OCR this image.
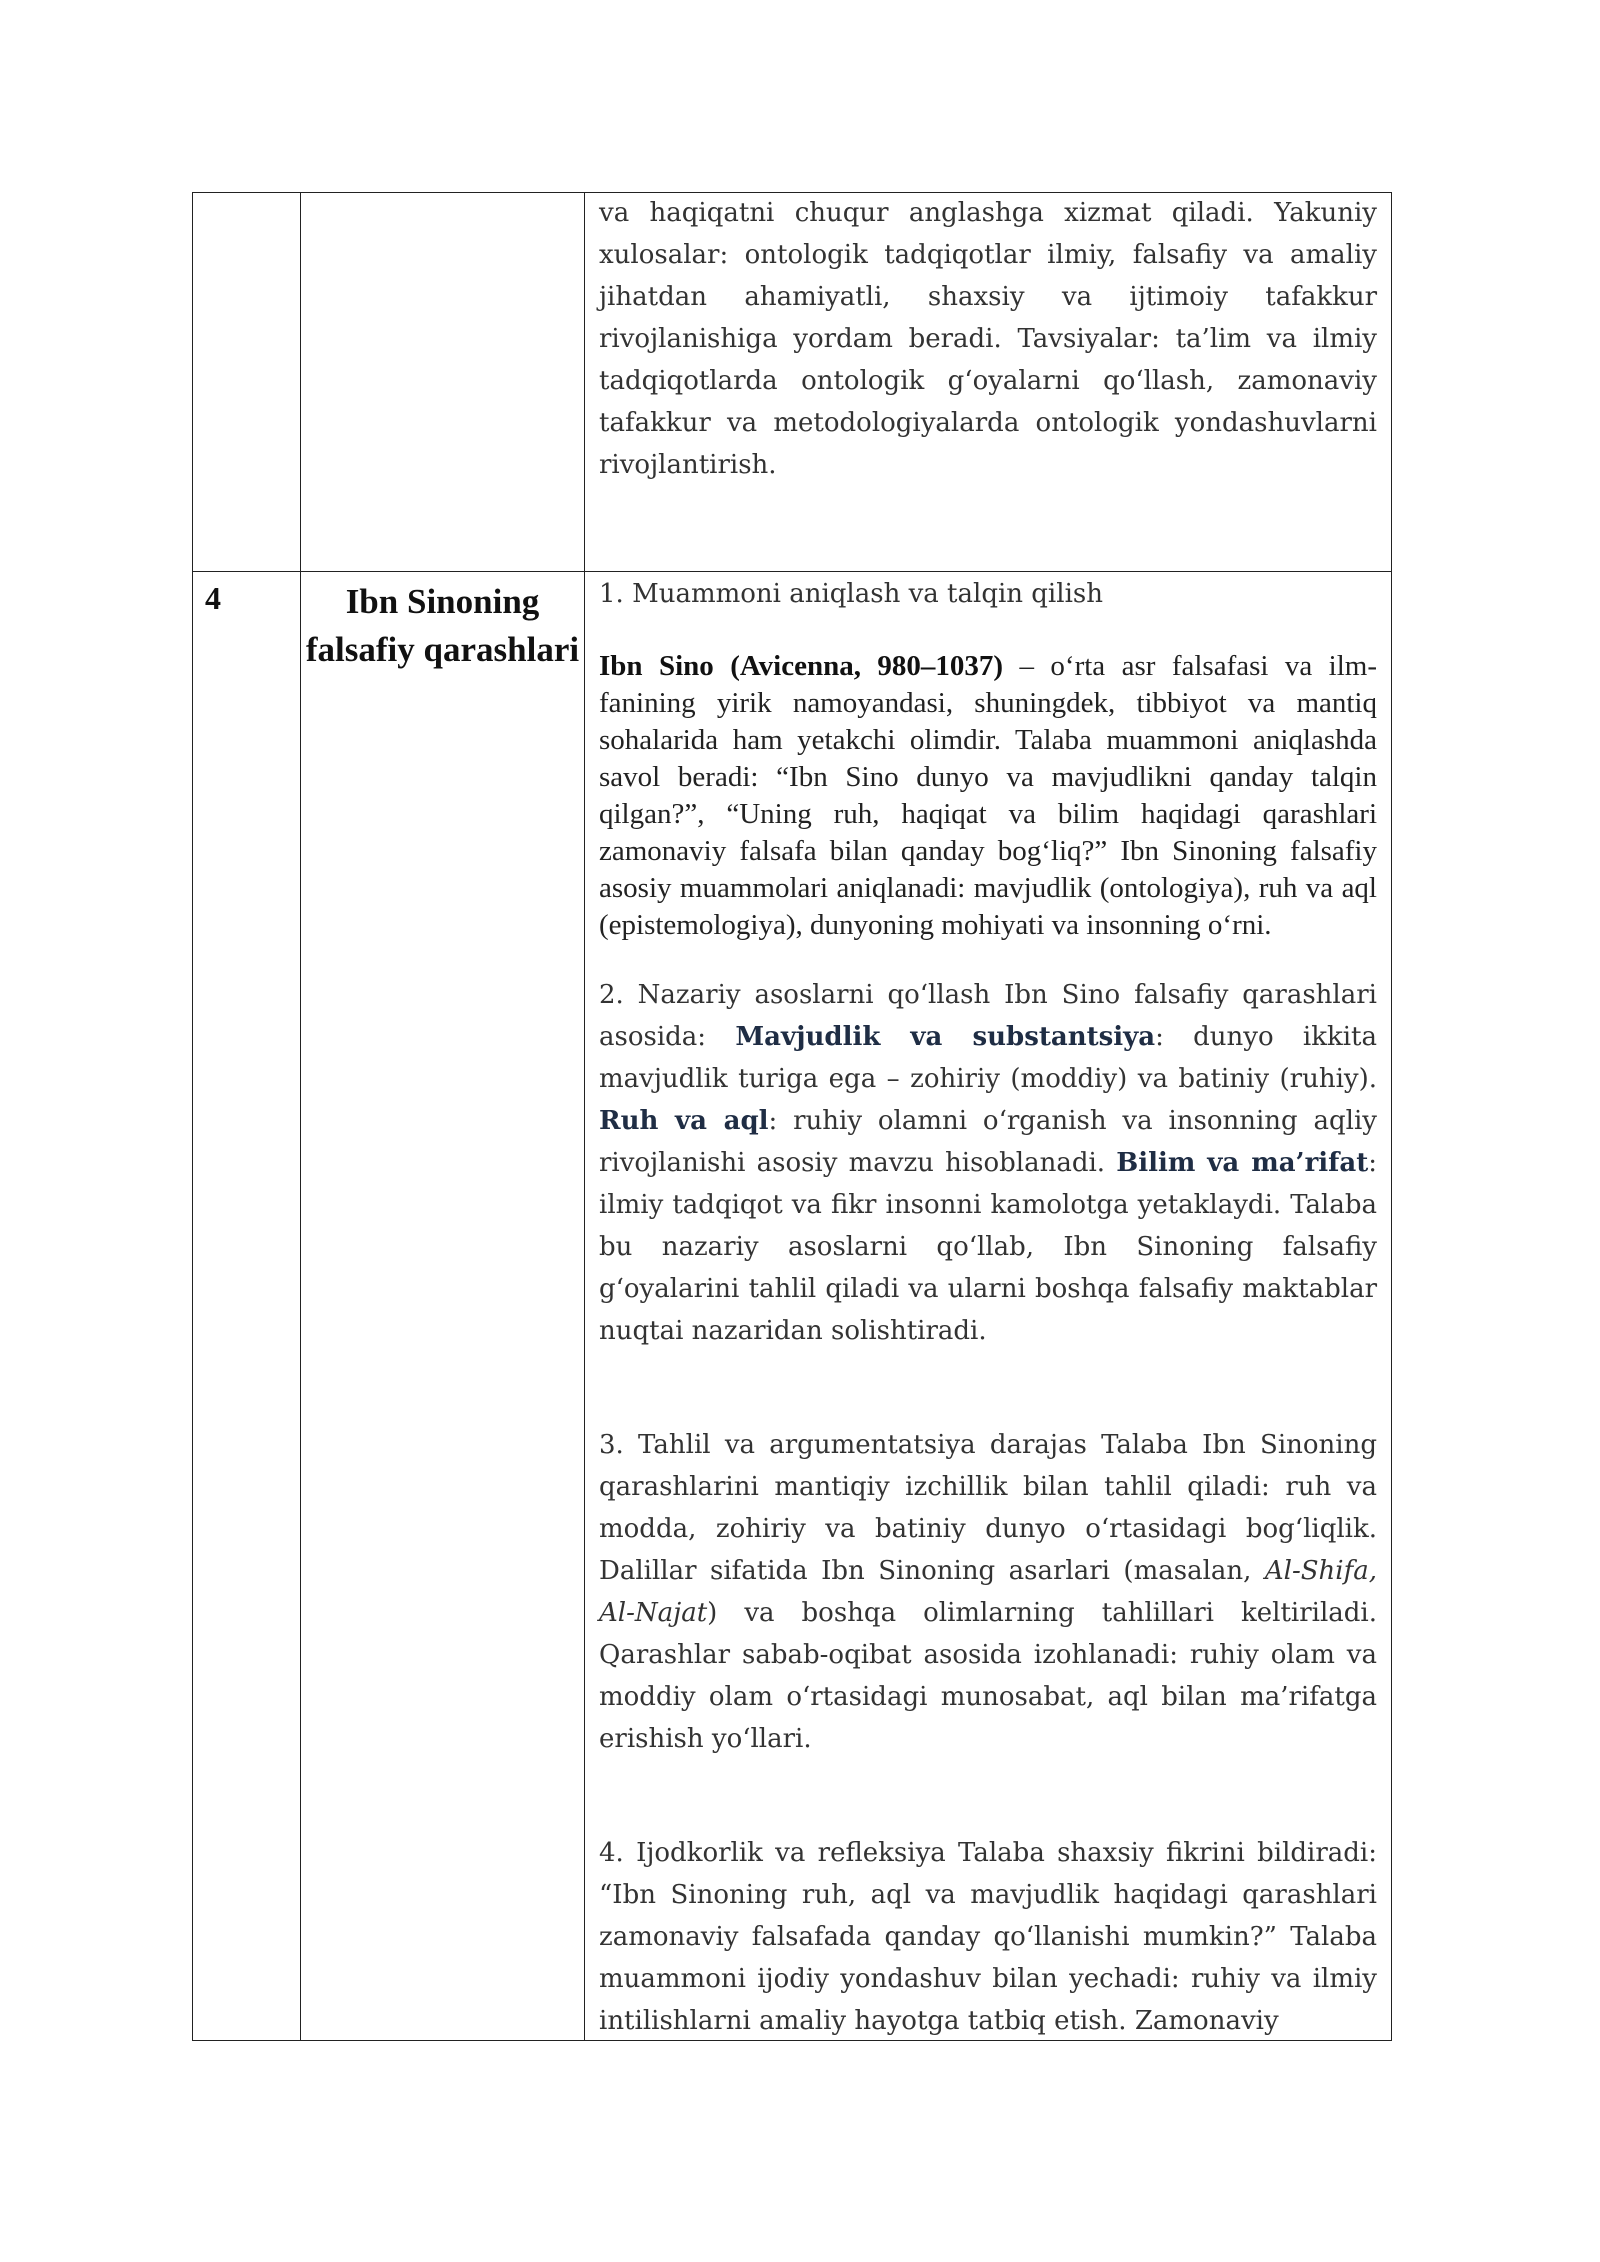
va haqiqatni chuqur anglashga xizmat qiladi. Yakuniy xulosalar: ontologik tadqiqotlar ilmiy, falsafiy va amaliy jihatdan ahamiyatli, shaxsiy va ijtimoiy tafakkur rivojlanishiga yordam beradi. Tavsiyalar: ta’lim va ilmiy tadqiqotlarda ontologik g‘oyalarni qo‘llash, zamonaviy tafakkur va metodologiyalarda ontologik yondashuvlarni rivojlantirish.

4	Ibn Sinoning falsafiy qarashlari

1. Muammoni aniqlash va talqin qilish

Ibn Sino (Avicenna, 980–1037) – o‘rta asr falsafasi va ilm-fanining yirik namoyandasi, shuningdek, tibbiyot va mantiq sohalarida ham yetakchi olimdir. Talaba muammoni aniqlashda savol beradi: “Ibn Sino dunyo va mavjudlikni qanday talqin qilgan?”, “Uning ruh, haqiqat va bilim haqidagi qarashlari zamonaviy falsafa bilan qanday bog‘liq?” Ibn Sinoning falsafiy asosiy muammolari aniqlanadi: mavjudlik (ontologiya), ruh va aql (epistemologiya), dunyoning mohiyati va insonning o‘rni.

2. Nazariy asoslarni qo‘llash Ibn Sino falsafiy qarashlari asosida: Mavjudlik va substantsiya: dunyo ikkita mavjudlik turiga ega – zohiriy (moddiy) va batiniy (ruhiy). Ruh va aql: ruhiy olamni o‘rganish va insonning aqliy rivojlanishi asosiy mavzu hisoblanadi. Bilim va ma’rifat: ilmiy tadqiqot va fikr insonni kamolotga yetaklaydi. Talaba bu nazariy asoslarni qo‘llab, Ibn Sinoning falsafiy g‘oyalarini tahlil qiladi va ularni boshqa falsafiy maktablar nuqtai nazaridan solishtiradi.

3. Tahlil va argumentatsiya darajas Talaba Ibn Sinoning qarashlarini mantiqiy izchillik bilan tahlil qiladi: ruh va modda, zohiriy va batiniy dunyo o‘rtasidagi bog‘liqlik. Dalillar sifatida Ibn Sinoning asarlari (masalan, Al-Shifa, Al-Najat) va boshqa olimlarning tahlillari keltiriladi. Qarashlar sabab-oqibat asosida izohlanadi: ruhiy olam va moddiy olam o‘rtasidagi munosabat, aql bilan ma’rifatga erishish yo‘llari.

4. Ijodkorlik va refleksiya Talaba shaxsiy fikrini bildiradi: “Ibn Sinoning ruh, aql va mavjudlik haqidagi qarashlari zamonaviy falsafada qanday qo‘llanishi mumkin?” Talaba muammoni ijodiy yondashuv bilan yechadi: ruhiy va ilmiy intilishlarni amaliy hayotga tatbiq etish. Zamonaviy
